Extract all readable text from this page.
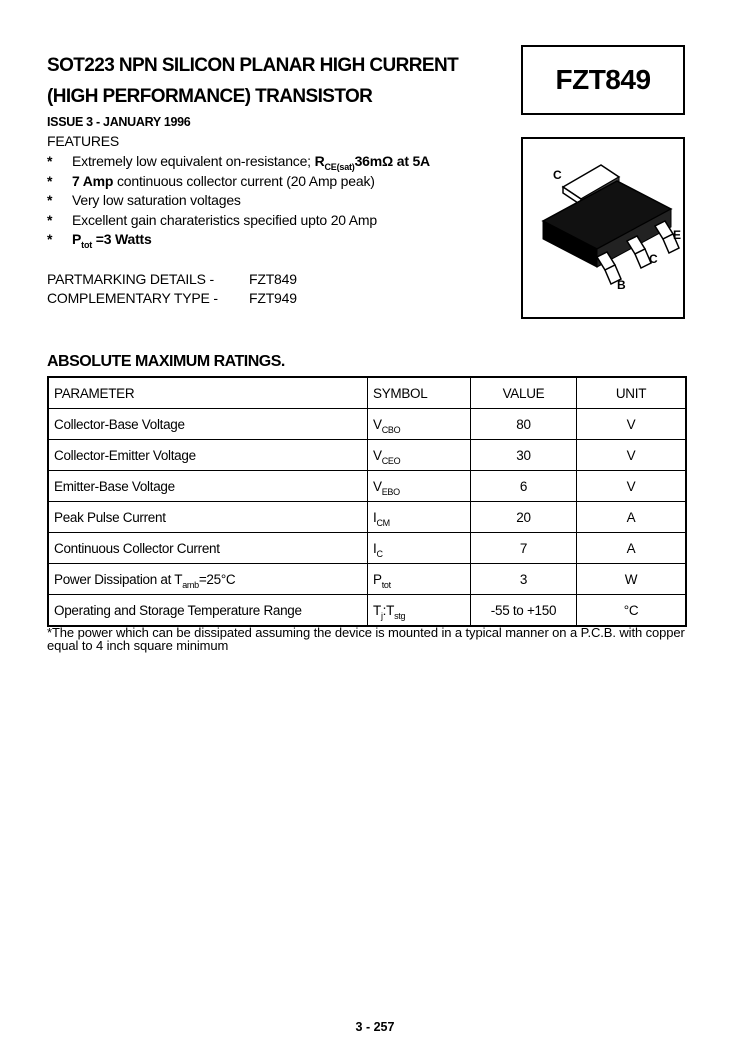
SOT223 NPN SILICON PLANAR HIGH CURRENT
(HIGH PERFORMANCE) TRANSISTOR
FZT849
ISSUE 3 - JANUARY 1996
FEATURES
* Extremely low equivalent on-resistance; $R_{CE(sat)}36m\Omega$ at 5A
* 7 Amp continuous collector current (20 Amp peak)
* Very low saturation voltages
* Excellent gain charateristics specified upto 20 Amp
* $P_{tot} =3$ Watts
C
E
C
B
PARTMARKING DETAILS -	FZT849
COMPLEMENTARY TYPE - FZT949
ABSOLUTE MAXIMUM RATINGS.
PARAMETER	SYMBOL	VALUE	UNIT
Collector-Base Voltage	$V_{CBO}$	80	V
Collector-Emitter Voltage	$V_{CEO}$	30	V
Emitter-Base Voltage	$V_{EBO}$	6	V
Peak Pulse Current	$I_{CM}$	20	A
Continuous Collector Current	$I_C$	7	A
Power Dissipation at $T_{amb}=25^\circ C$	$P_{tot}$	3	W
Operating and Storage Temperature Range	$T_j:T_{stg}$	-55 to +150	°C
*The power which can be dissipated assuming the device is mounted in a typical manner on a P.C.B. with copper equal to 4 inch square minimum
3 - 257
